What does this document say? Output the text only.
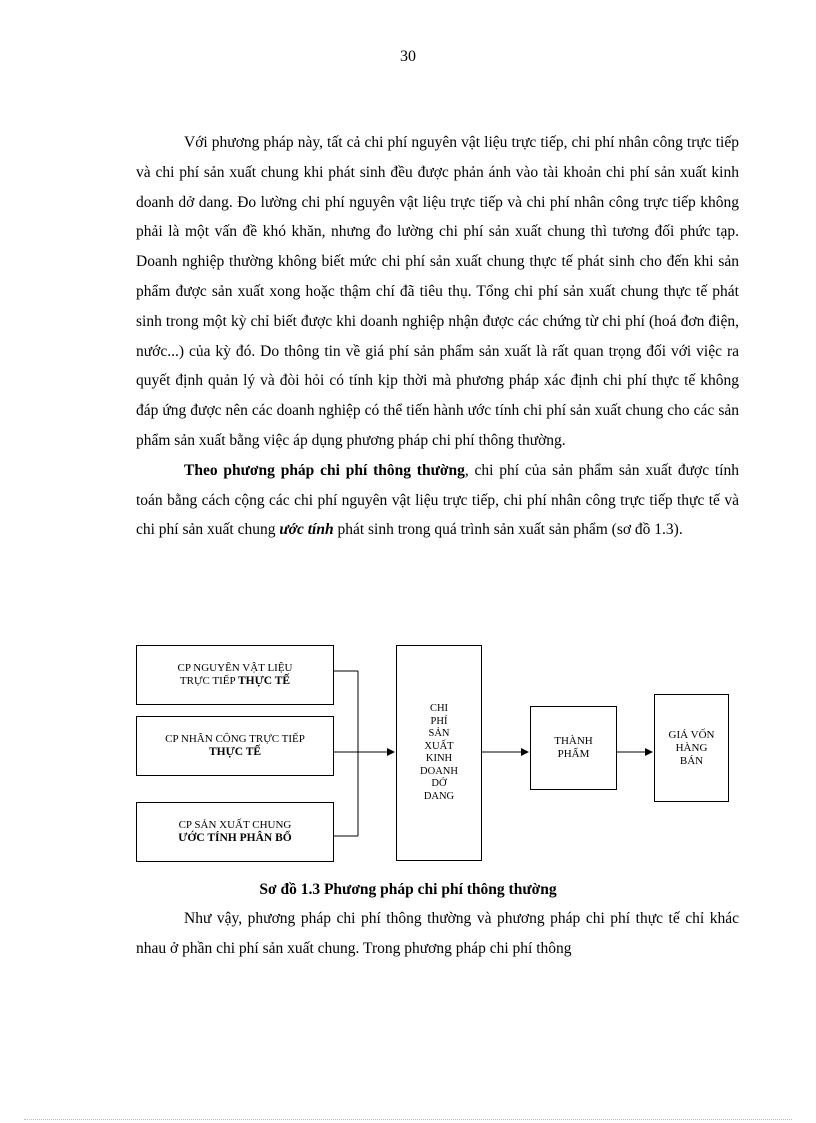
30

Với phương pháp này, tất cả chi phí nguyên vật liệu trực tiếp, chi phí nhân công trực tiếp và chi phí sản xuất chung khi phát sinh đều được phản ánh vào tài khoản chi phí sản xuất kinh doanh dở dang. Đo lường chi phí nguyên vật liệu trực tiếp và chi phí nhân công trực tiếp không phải là một vấn đề khó khăn, nhưng đo lường chi phí sản xuất chung thì tương đối phức tạp. Doanh nghiệp thường không biết mức chi phí sản xuất chung thực tế phát sinh cho đến khi sản phẩm được sản xuất xong hoặc thậm chí đã tiêu thụ. Tổng chi phí sản xuất chung thực tế phát sinh trong một kỳ chỉ biết được khi doanh nghiệp nhận được các chứng từ chi phí (hoá đơn điện, nước...) của kỳ đó. Do thông tin về giá phí sản phẩm sản xuất là rất quan trọng đối với việc ra quyết định quản lý và đòi hỏi có tính kịp thời mà phương pháp xác định chi phí thực tế không đáp ứng được nên các doanh nghiệp có thể tiến hành ước tính chi phí sản xuất chung cho các sản phẩm sản xuất bằng việc áp dụng phương pháp chi phí thông thường.

Theo phương pháp chi phí thông thường, chi phí của sản phẩm sản xuất được tính toán bằng cách cộng các chi phí nguyên vật liệu trực tiếp, chi phí nhân công trực tiếp thực tế và chi phí sản xuất chung ước tính phát sinh trong quá trình sản xuất sản phẩm (sơ đồ 1.3).

CP NGUYÊN VẬT LIỆU
TRỰC TIẾP THỰC TẾ
CP NHÂN CÔNG TRỰC TIẾP
THỰC TẾ
CP SẢN XUẤT CHUNG
ƯỚC TÍNH PHÂN BỔ
CHI
PHÍ
SẢN
XUẤT
KINH
DOANH
DỞ
DANG
THÀNH
PHẨM
GIÁ VỐN
HÀNG
BÁN
Sơ đồ 1.3 Phương pháp chi phí thông thường

Như vậy, phương pháp chi phí thông thường và phương pháp chi phí thực tế chỉ khác nhau ở phần chi phí sản xuất chung. Trong phương pháp chi phí thông
